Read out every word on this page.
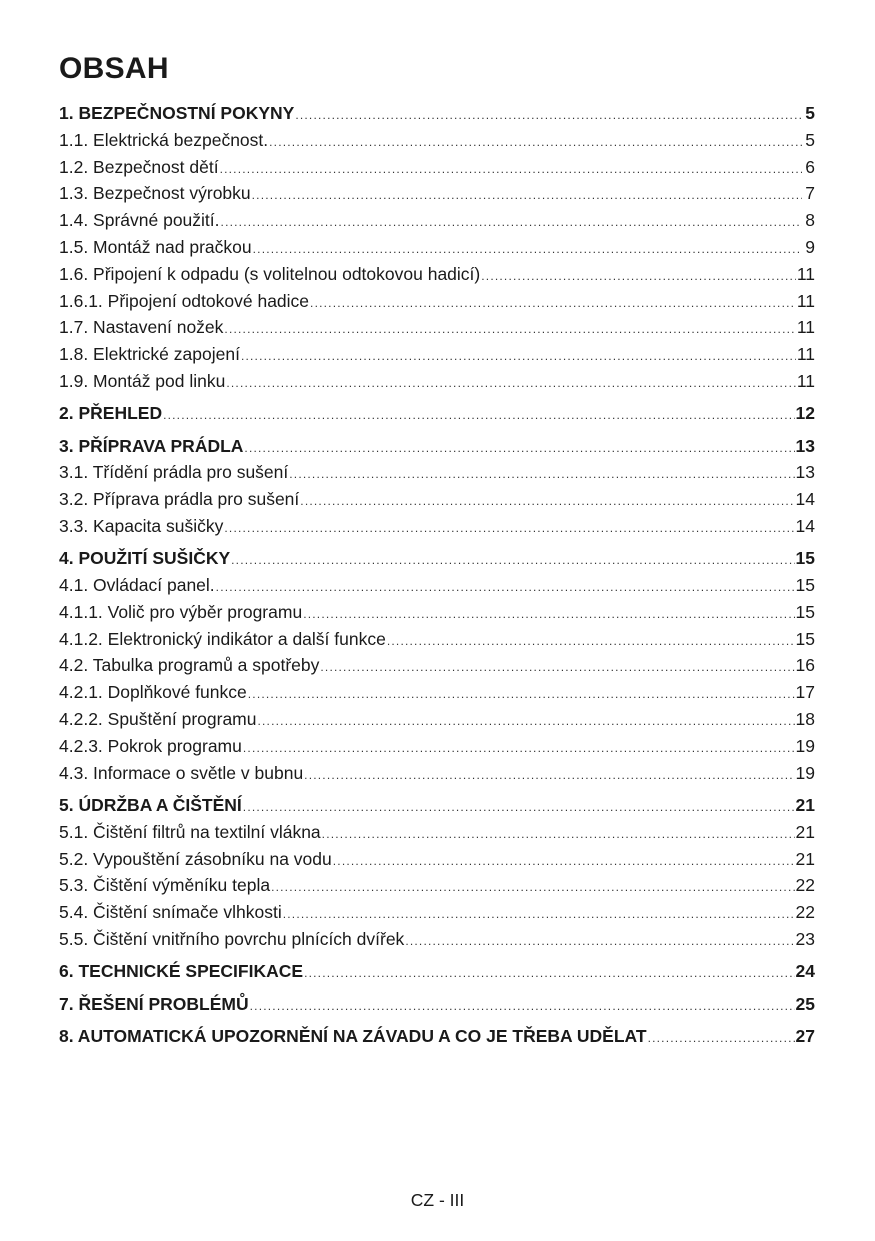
OBSAH
1. BEZPEČNOSTNÍ POKYNY .....	5
1.1. Elektrická bezpečnost. .....	5
1.2. Bezpečnost dětí .....	6
1.3. Bezpečnost výrobku .....	7
1.4. Správné použití. .....	8
1.5. Montáž nad pračkou .....	9
1.6. Připojení k odpadu (s volitelnou odtokovou hadicí) .....	11
1.6.1. Připojení odtokové hadice .....	11
1.7. Nastavení nožek .....	11
1.8. Elektrické zapojení .....	11
1.9. Montáž pod linku .....	11
2. PŘEHLED .....	12
3. PŘÍPRAVA PRÁDLA .....	13
3.1. Třídění prádla pro sušení .....	13
3.2. Příprava prádla pro sušení .....	14
3.3. Kapacita sušičky .....	14
4. POUŽITÍ SUŠIČKY .....	15
4.1. Ovládací panel. .....	15
4.1.1. Volič pro výběr programu .....	15
4.1.2. Elektronický indikátor a další funkce .....	15
4.2. Tabulka programů a spotřeby .....	16
4.2.1. Doplňkové funkce .....	17
4.2.2. Spuštění programu .....	18
4.2.3. Pokrok programu .....	19
4.3. Informace o světle v bubnu .....	19
5. ÚDRŽBA A ČIŠTĚNÍ .....	21
5.1. Čištění filtrů na textilní vlákna .....	21
5.2. Vypouštění zásobníku na vodu .....	21
5.3. Čištění výměníku tepla .....	22
5.4. Čištění snímače vlhkosti .....	22
5.5. Čištění vnitřního povrchu plnících dvířek .....	23
6. TECHNICKÉ SPECIFIKACE .....	24
7. ŘEŠENÍ PROBLÉMŮ .....	25
8. AUTOMATICKÁ UPOZORNĚNÍ NA ZÁVADU A CO JE TŘEBA UDĚLAT .....	27
CZ - III
